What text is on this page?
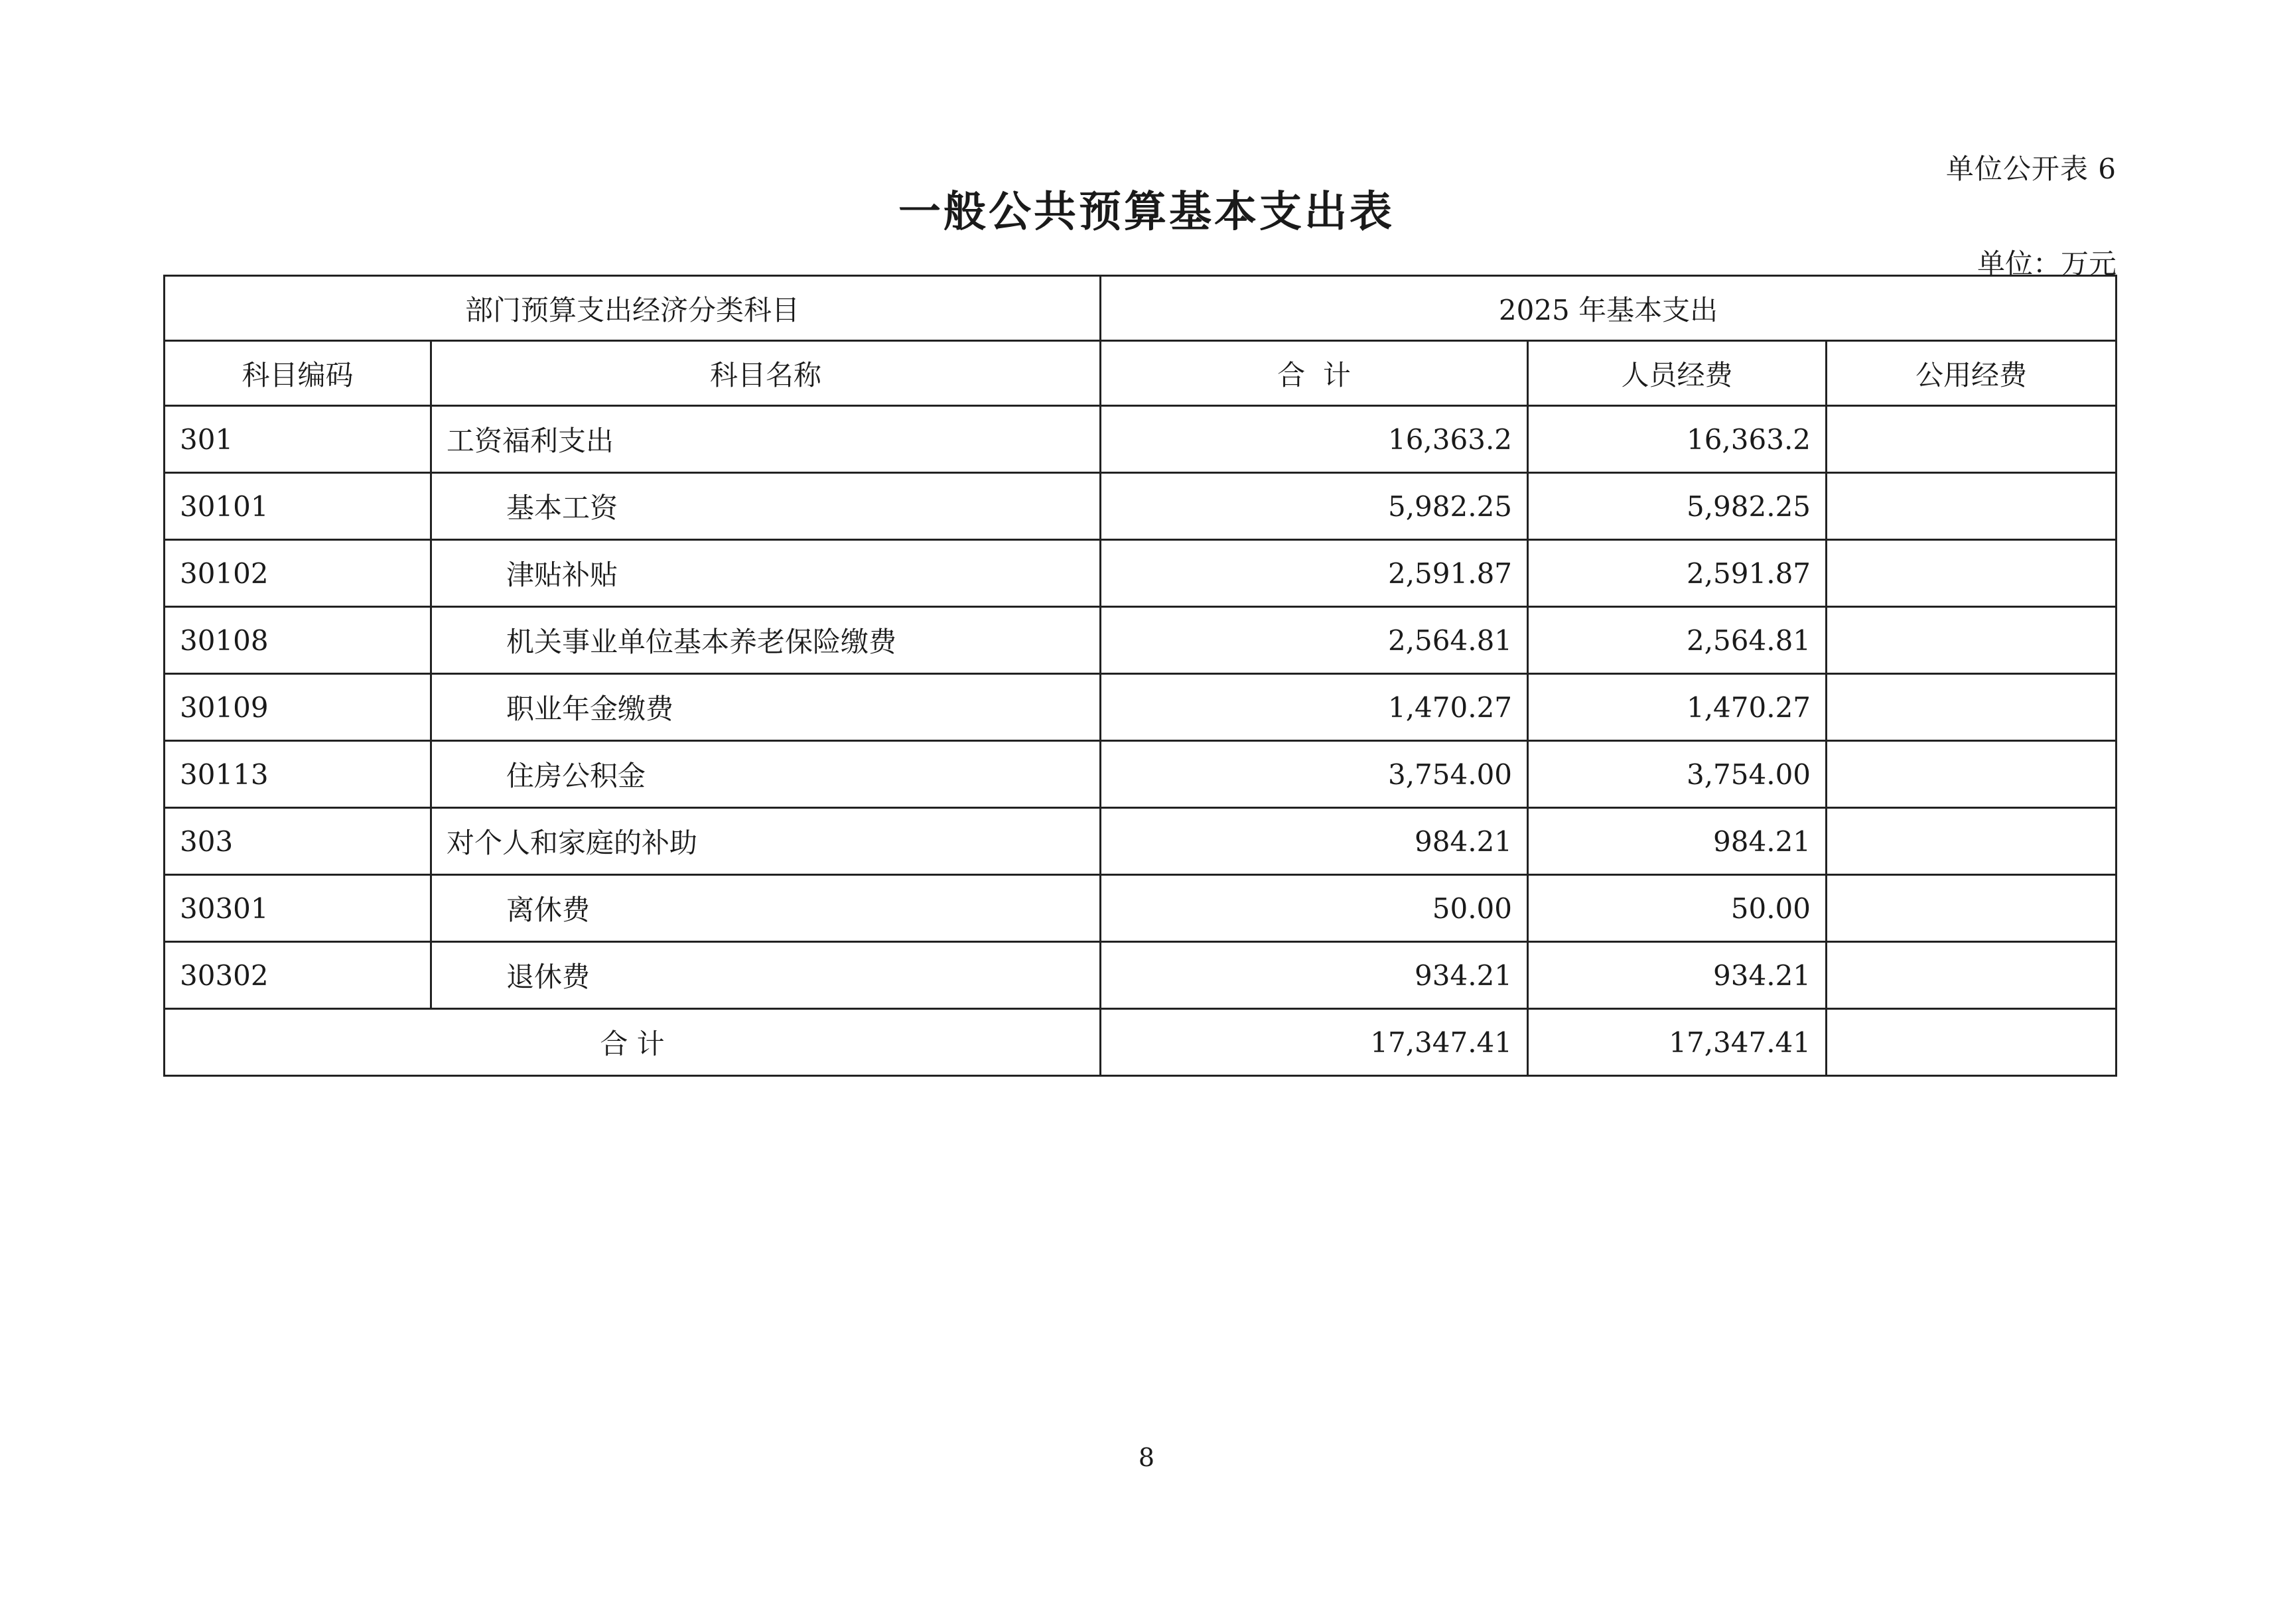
单位公开表 6
一般公共预算基本支出表
单位：万元
部门预算支出经济分类科目		2025 年基本支出		
科目编码	科目名称	合  计	人员经费	公用经费
301	工资福利支出	16,363.2	16,363.2	
30101	基本工资	5,982.25	5,982.25	
30102	津贴补贴	2,591.87	2,591.87	
30108	机关事业单位基本养老保险缴费	2,564.81	2,564.81	
30109	职业年金缴费	1,470.27	1,470.27	
30113	住房公积金	3,754.00	3,754.00	
303	对个人和家庭的补助	984.21	984.21	
30301	离休费	50.00	50.00	
30302	退休费	934.21	934.21	
合 计		17,347.41	17,347.41	
8
